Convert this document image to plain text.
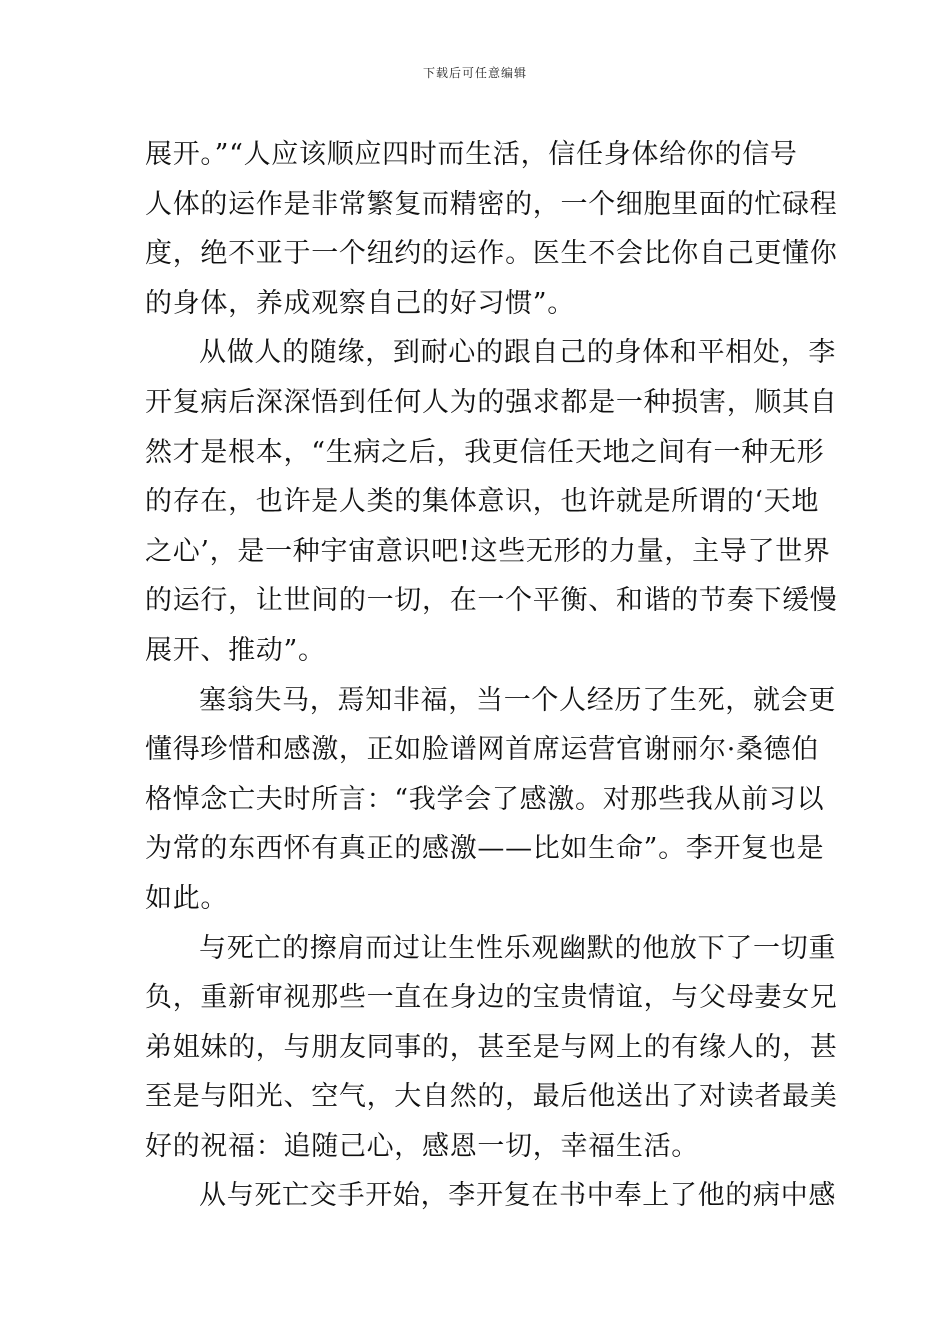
下载后可任意编辑
展开。”“人应该顺应四时而生活，信任身体给你的信号
人体的运作是非常繁复而精密的，一个细胞里面的忙碌程
度，绝不亚于一个纽约的运作。医生不会比你自己更懂你
的身体，养成观察自己的好习惯”。
从做人的随缘，到耐心的跟自己的身体和平相处，李
开复病后深深悟到任何人为的强求都是一种损害，顺其自
然才是根本，“生病之后，我更信任天地之间有一种无形
的存在，也许是人类的集体意识，也许就是所谓的‘天地
之心’，是一种宇宙意识吧!这些无形的力量，主导了世界
的运行，让世间的一切，在一个平衡、和谐的节奏下缓慢
展开、推动”。
塞翁失马，焉知非福，当一个人经历了生死，就会更
懂得珍惜和感激，正如脸谱网首席运营官谢丽尔·桑德伯
格悼念亡夫时所言：“我学会了感激。对那些我从前习以
为常的东西怀有真正的感激——比如生命”。李开复也是
如此。
与死亡的擦肩而过让生性乐观幽默的他放下了一切重
负，重新审视那些一直在身边的宝贵情谊，与父母妻女兄
弟姐妹的，与朋友同事的，甚至是与网上的有缘人的，甚
至是与阳光、空气，大自然的，最后他送出了对读者最美
好的祝福：追随己心，感恩一切，幸福生活。
从与死亡交手开始，李开复在书中奉上了他的病中感
